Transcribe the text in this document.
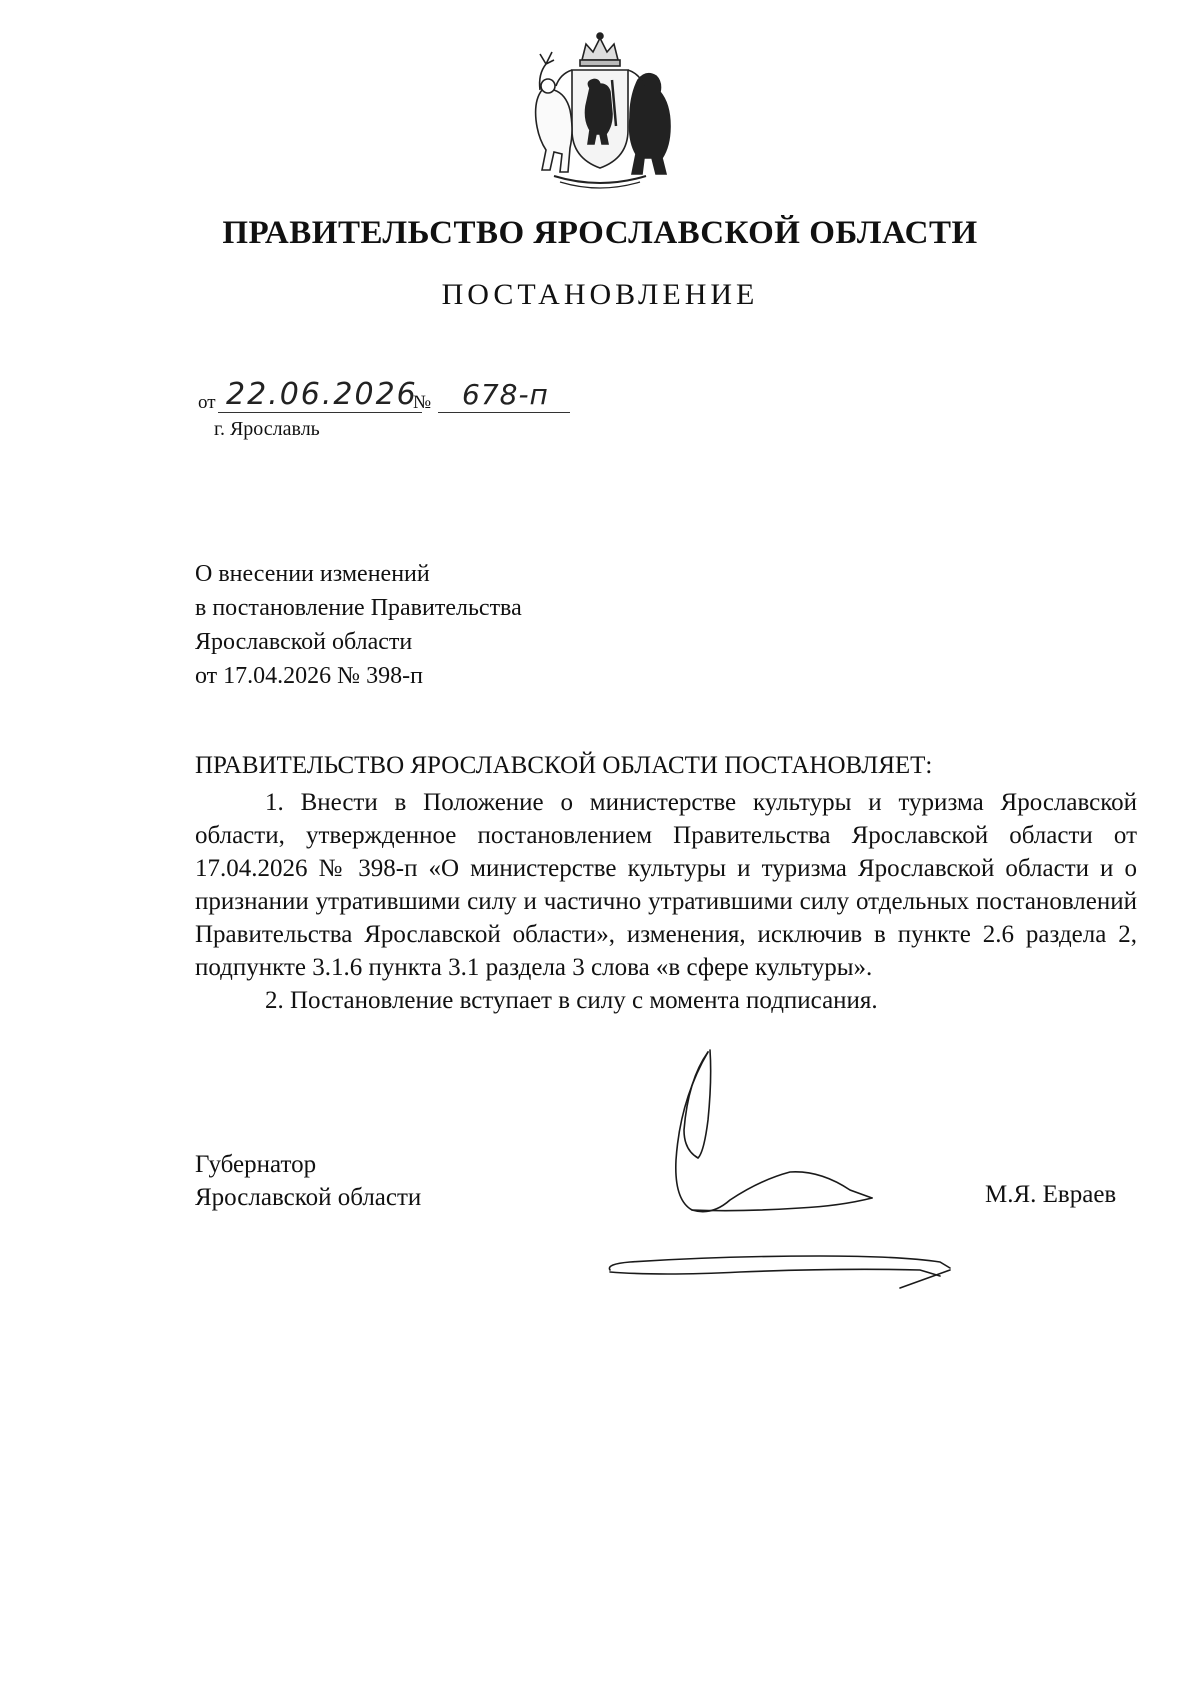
ПРАВИТЕЛЬСТВО ЯРОСЛАВСКОЙ ОБЛАСТИ
ПОСТАНОВЛЕНИЕ
от 22.06.2026
№	678-п
г. Ярославль
О внесении изменений
в постановление Правительства
Ярославской области
от 17.04.2026 № 398-п
ПРАВИТЕЛЬСТВО ЯРОСЛАВСКОЙ ОБЛАСТИ ПОСТАНОВЛЯЕТ:

1. Внести в Положение о министерстве культуры и туризма Ярославской области, утвержденное постановлением Правительства Ярославской области от 17.04.2026 № 398-п «О министерстве культуры и туризма Ярославской области и о признании утратившими силу и частично утратившими силу отдельных постановлений Правительства Ярославской области», изменения, исключив в пункте 2.6 раздела 2, подпункте 3.1.6 пункта 3.1 раздела 3 слова «в сфере культуры».

2. Постановление вступает в силу с момента подписания.

Губернатор
Ярославской области	М.Я. Евраев
